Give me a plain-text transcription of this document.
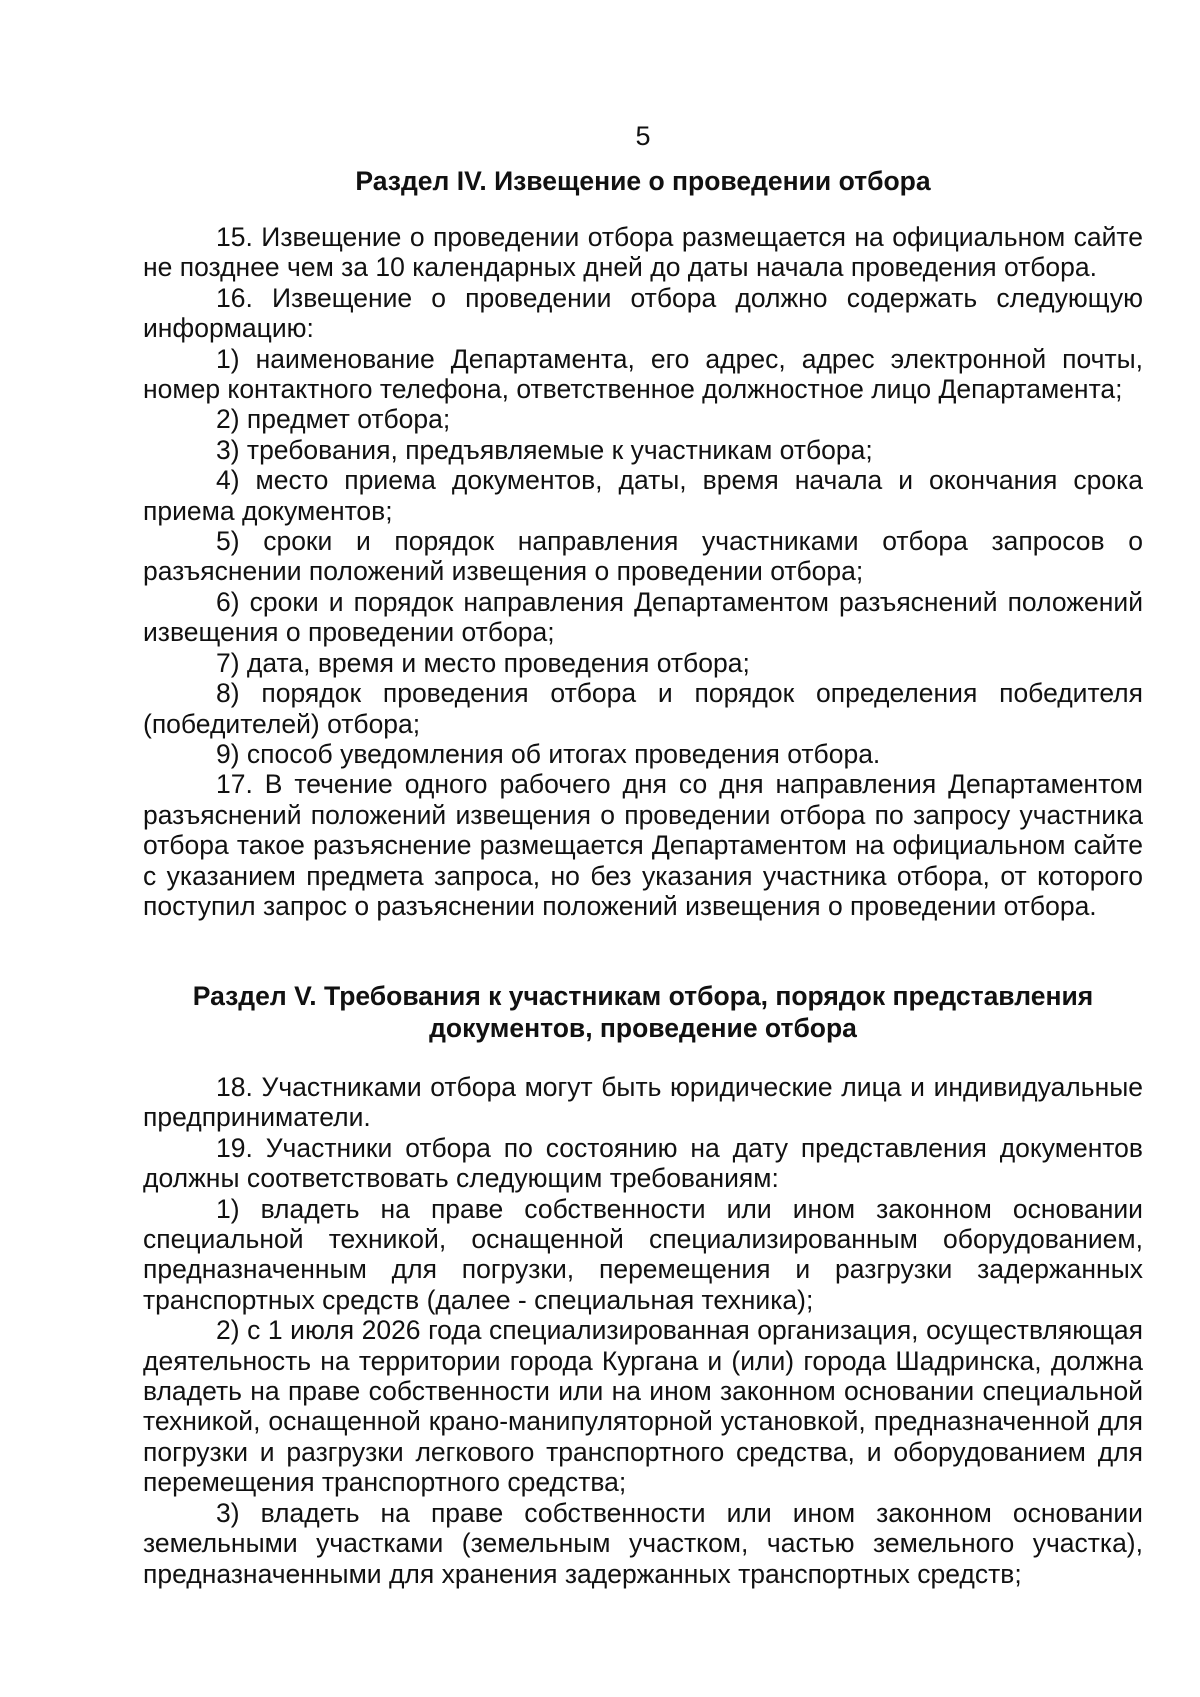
5
Раздел IV. Извещение о проведении отбора

15. Извещение о проведении отбора размещается на официальном сайте не позднее чем за 10 календарных дней до даты начала проведения отбора.

16. Извещение о проведении отбора должно содержать следующую информацию:

1) наименование Департамента, его адрес, адрес электронной почты, номер контактного телефона, ответственное должностное лицо Департамента;

2) предмет отбора;

3) требования, предъявляемые к участникам отбора;

4) место приема документов, даты, время начала и окончания срока приема документов;

5) сроки и порядок направления участниками отбора запросов о разъяснении положений извещения о проведении отбора;

6) сроки и порядок направления Департаментом разъяснений положений извещения о проведении отбора;

7) дата, время и место проведения отбора;

8) порядок проведения отбора и порядок определения победителя (победителей) отбора;

9) способ уведомления об итогах проведения отбора.

17. В течение одного рабочего дня со дня направления Департаментом разъяснений положений извещения о проведении отбора по запросу участника отбора такое разъяснение размещается Департаментом на официальном сайте с указанием предмета запроса, но без указания участника отбора, от которого поступил запрос о разъяснении положений извещения о проведении отбора.

Раздел V. Требования к участникам отбора, порядок представления
документов, проведение отбора

18. Участниками отбора могут быть юридические лица и индивидуальные предприниматели.

19. Участники отбора по состоянию на дату представления документов должны соответствовать следующим требованиям:

1) владеть на праве собственности или ином законном основании специальной техникой, оснащенной специализированным оборудованием, предназначенным для погрузки, перемещения и разгрузки задержанных транспортных средств (далее - специальная техника);

2) с 1 июля 2026 года специализированная организация, осуществляющая деятельность на территории города Кургана и (или) города Шадринска, должна владеть на праве собственности или на ином законном основании специальной техникой, оснащенной крано-манипуляторной установкой, предназначенной для погрузки и разгрузки легкового транспортного средства, и оборудованием для перемещения транспортного средства;

3) владеть на праве собственности или ином законном основании земельными участками (земельным участком, частью земельного участка), предназначенными для хранения задержанных транспортных средств;
